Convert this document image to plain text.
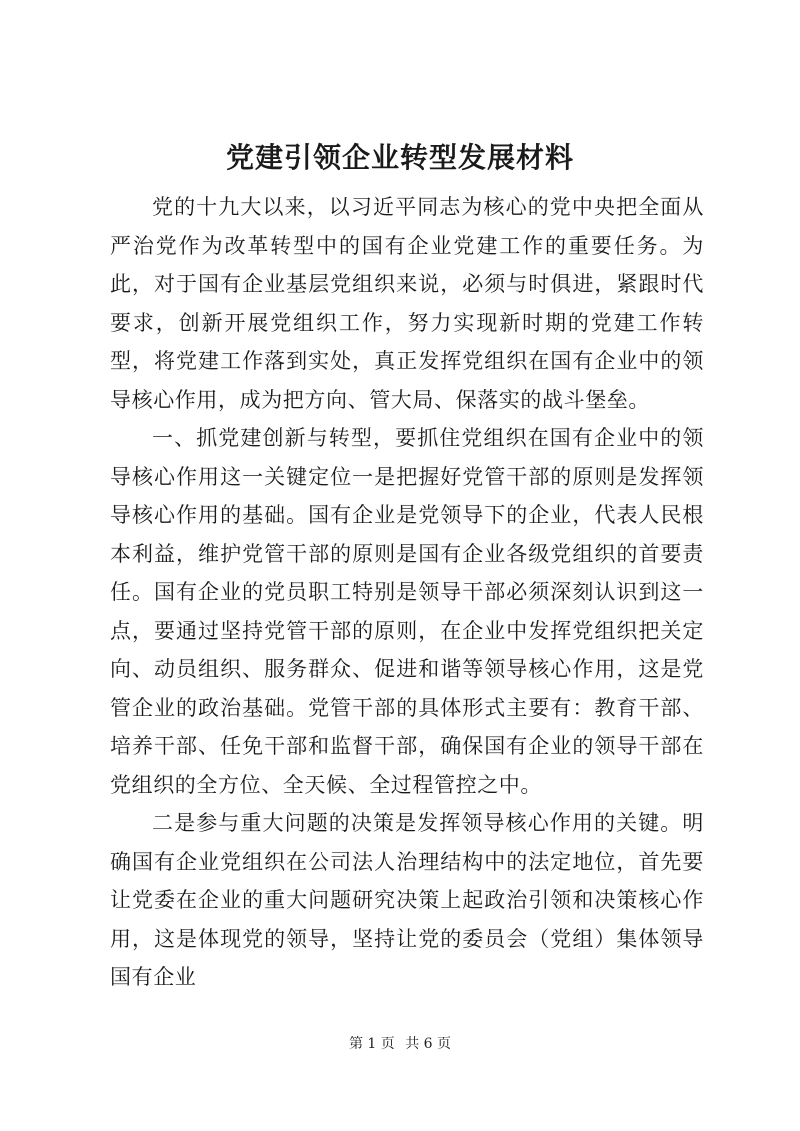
党建引领企业转型发展材料

党的十九大以来，以习近平同志为核心的党中央把全面从严治党作为改革转型中的国有企业党建工作的重要任务。为此，对于国有企业基层党组织来说，必须与时俱进，紧跟时代要求，创新开展党组织工作，努力实现新时期的党建工作转型，将党建工作落到实处，真正发挥党组织在国有企业中的领导核心作用，成为把方向、管大局、保落实的战斗堡垒。

一、抓党建创新与转型，要抓住党组织在国有企业中的领导核心作用这一关键定位一是把握好党管干部的原则是发挥领导核心作用的基础。国有企业是党领导下的企业，代表人民根本利益，维护党管干部的原则是国有企业各级党组织的首要责任。国有企业的党员职工特别是领导干部必须深刻认识到这一点，要通过坚持党管干部的原则，在企业中发挥党组织把关定向、动员组织、服务群众、促进和谐等领导核心作用，这是党管企业的政治基础。党管干部的具体形式主要有：教育干部、培养干部、任免干部和监督干部，确保国有企业的领导干部在党组织的全方位、全天候、全过程管控之中。

二是参与重大问题的决策是发挥领导核心作用的关键。明确国有企业党组织在公司法人治理结构中的法定地位，首先要让党委在企业的重大问题研究决策上起政治引领和决策核心作用，这是体现党的领导，坚持让党的委员会（党组）集体领导国有企业

第 1 页 共 6 页
